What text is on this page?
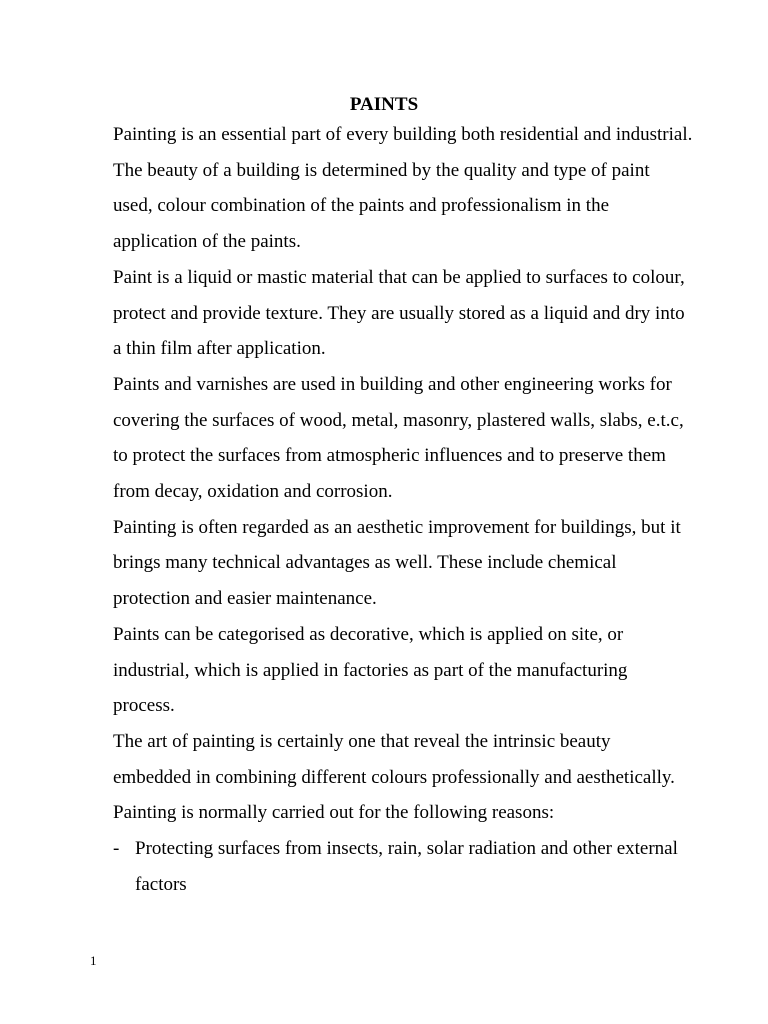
PAINTS

Painting is an essential part of every building both residential and industrial. The beauty of a building is determined by the quality and type of paint used, colour combination of the paints and professionalism in the application of the paints.

Paint is a liquid or mastic material that can be applied to surfaces to colour, protect and provide texture. They are usually stored as a liquid and dry into a thin film after application.

Paints and varnishes are used in building and other engineering works for covering the surfaces of wood, metal, masonry, plastered walls, slabs, e.t.c, to protect the surfaces from atmospheric influences and to preserve them from decay, oxidation and corrosion.

Painting is often regarded as an aesthetic improvement for buildings, but it brings many technical advantages as well. These include chemical protection and easier maintenance.

Paints can be categorised as decorative, which is applied on site, or industrial, which is applied in factories as part of the manufacturing process.

The art of painting is certainly one that reveal the intrinsic beauty embedded in combining different colours professionally and aesthetically.

Painting is normally carried out for the following reasons:

- Protecting surfaces from insects, rain, solar radiation and other external factors
1
